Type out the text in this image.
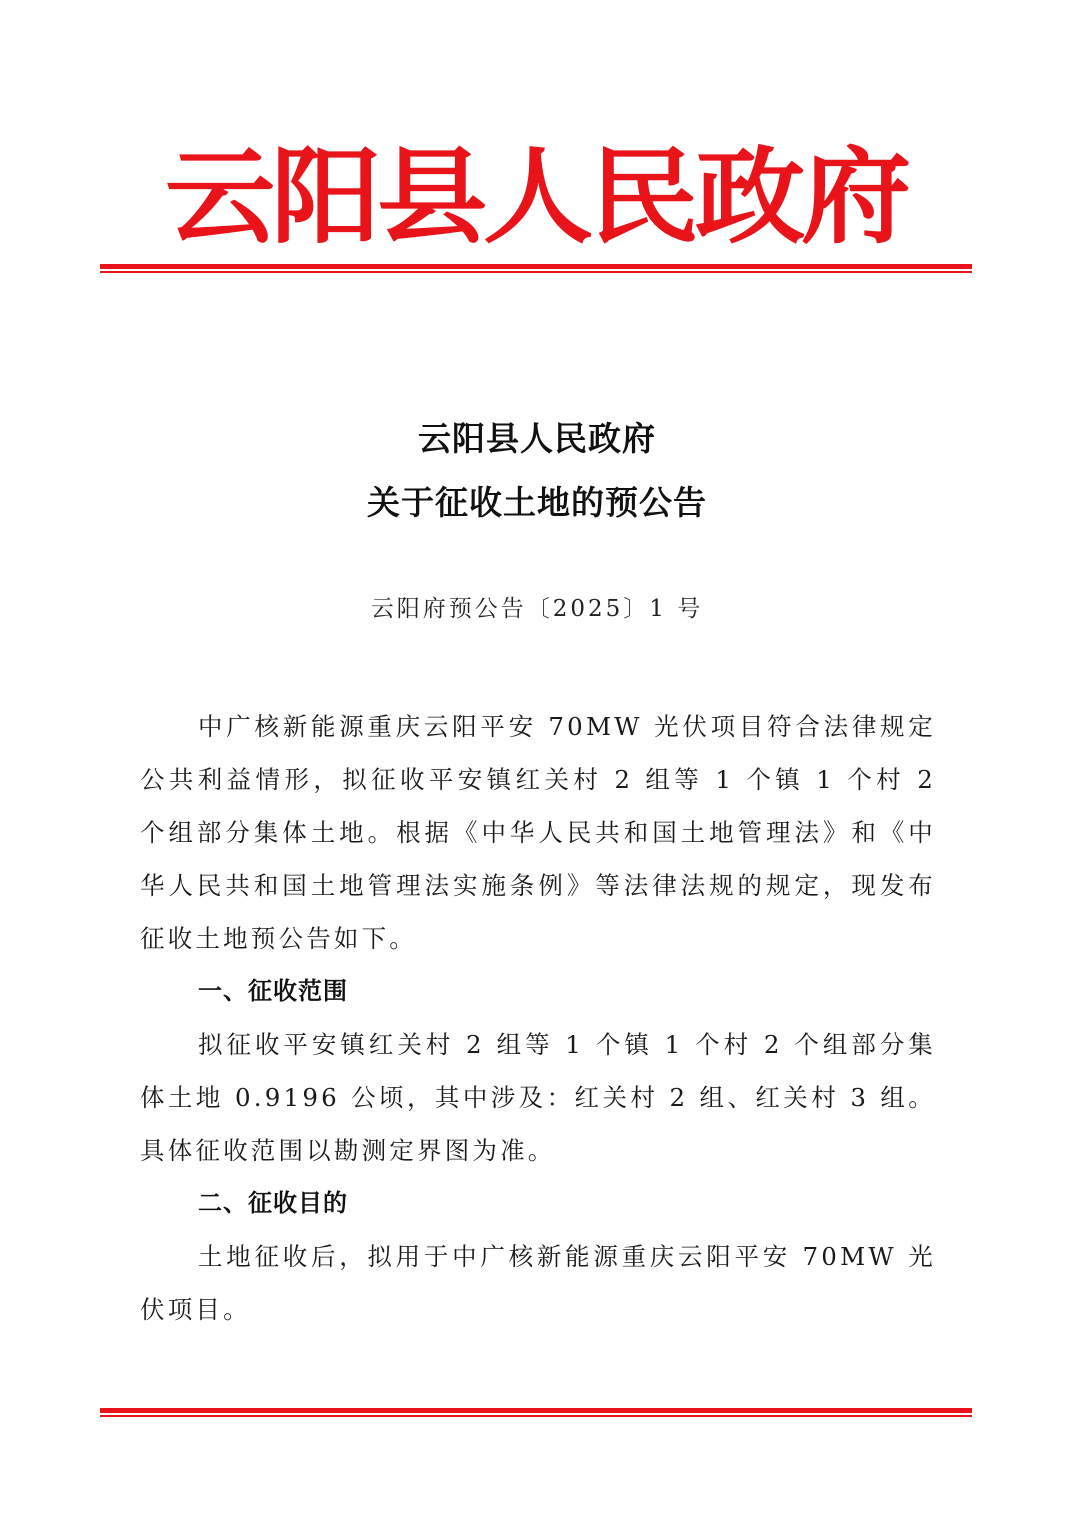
云阳县人民政府
云阳县人民政府
关于征收土地的预公告
云阳府预公告〔2025〕1 号

中广核新能源重庆云阳平安 70MW 光伏项目符合法律规定公共利益情形，拟征收平安镇红关村 2 组等 1 个镇 1 个村 2 个组部分集体土地。根据《中华人民共和国土地管理法》和《中华人民共和国土地管理法实施条例》等法律法规的规定，现发布征收土地预公告如下。

一、征收范围

拟征收平安镇红关村 2 组等 1 个镇 1 个村 2 个组部分集体土地 0.9196 公顷，其中涉及：红关村 2 组、红关村 3 组。具体征收范围以勘测定界图为准。

二、征收目的

土地征收后，拟用于中广核新能源重庆云阳平安 70MW 光伏项目。
